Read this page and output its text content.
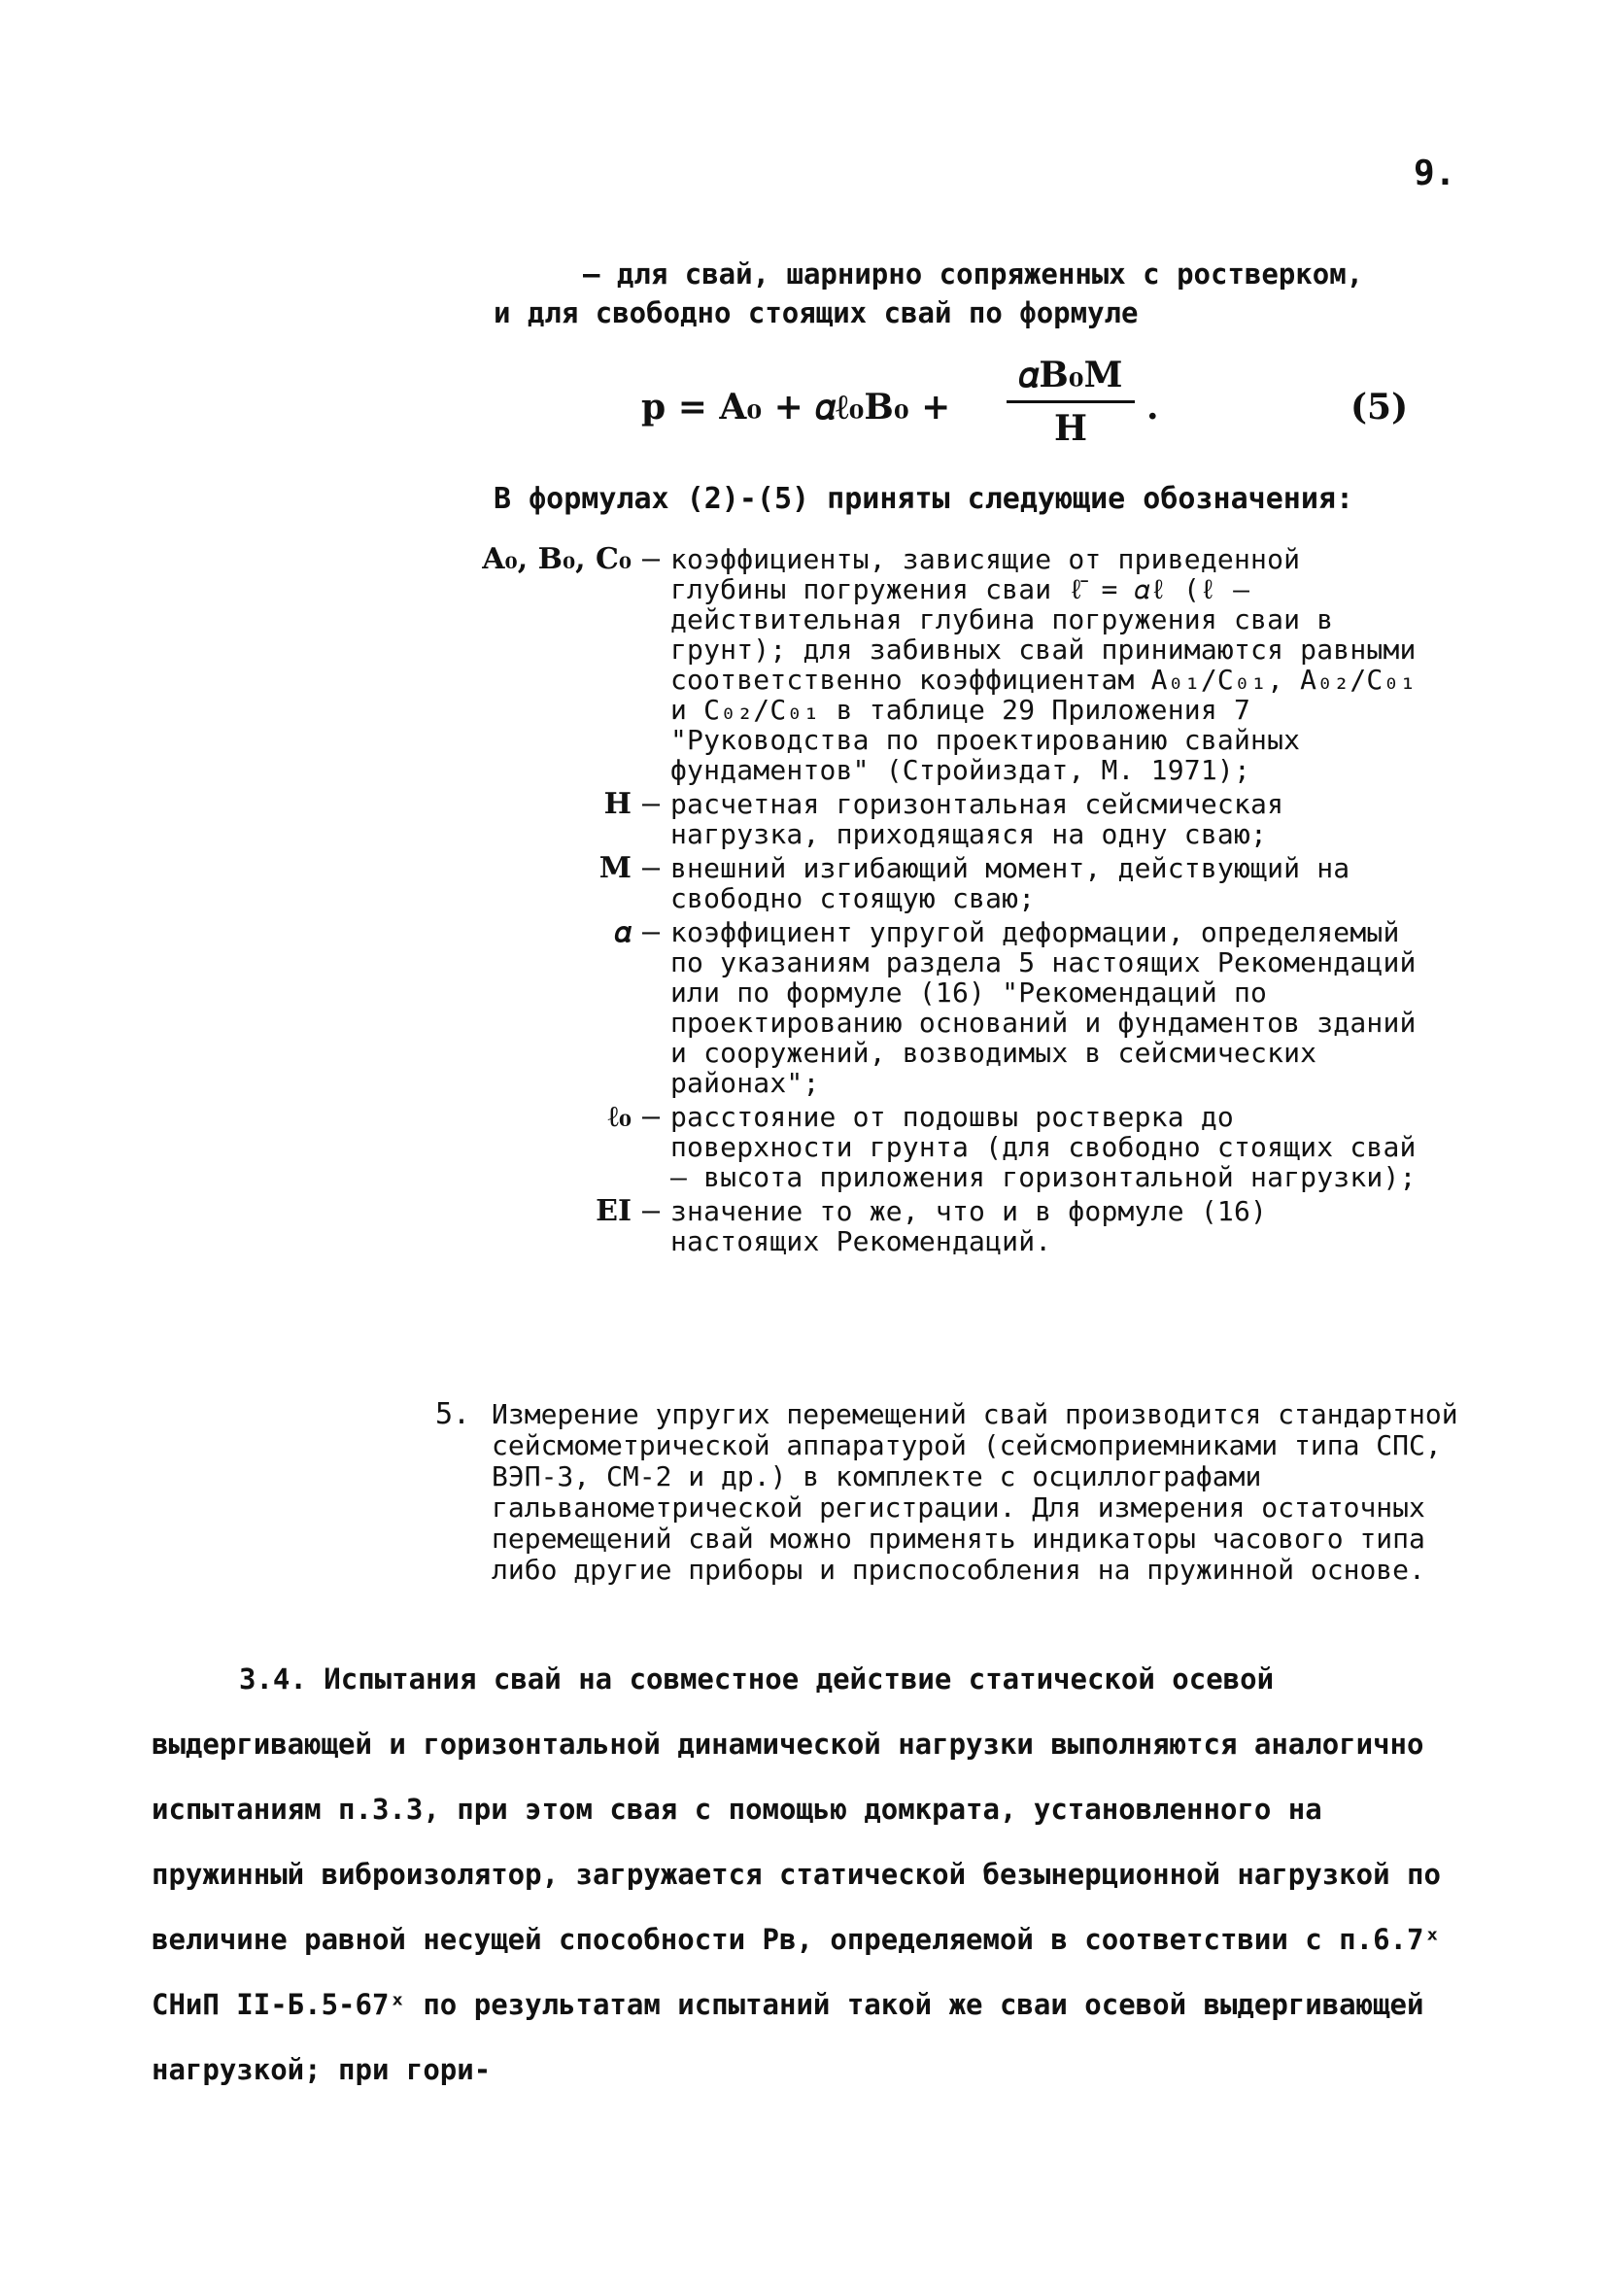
9.
– для свай, шарнирно сопряженных с ростверком,
и для свободно стоящих свай по формуле
p = A₀ + 𝛼ℓ₀B₀ +
𝛼B₀M
H
.	(5)
В формулах (2)-(5) приняты следующие обозначения:
A₀, B₀, C₀ – коэффициенты, зависящие от приведенной глубины погружения сваи ℓ̄ = 𝛼ℓ (ℓ – действительная глубина погружения сваи в грунт); для забивных свай принимаются равными соответственно коэффициентам A₀₁/C₀₁, A₀₂/C₀₁ и C₀₂/C₀₁ в таблице 29 Приложения 7 "Руководства по проектированию свайных фундаментов" (Стройиздат, М. 1971);
H – расчетная горизонтальная сейсмическая нагрузка, приходящаяся на одну сваю;
M – внешний изгибающий момент, действующий на свободно стоящую сваю;
𝛼 – коэффициент упругой деформации, определяемый по указаниям раздела 5 настоящих Рекомендаций или по формуле (16) "Рекомендаций по проектированию оснований и фундаментов зданий и сооружений, возводимых в сейсмических районах";
ℓ₀ – расстояние от подошвы ростверка до поверхности грунта (для свободно стоящих свай – высота приложения горизонтальной нагрузки);
EI – значение то же, что и в формуле (16) настоящих Рекомендаций.
5. Измерение упругих перемещений свай производится стандартной сейсмометрической аппаратурой (сейсмоприемниками типа СПС, ВЭП-3, СМ-2 и др.) в комплекте с осциллографами гальванометрической регистрации. Для измерения остаточных перемещений свай можно применять индикаторы часового типа либо другие приборы и приспособления на пружинной основе.
3.4. Испытания свай на совместное действие статической осевой выдергивающей и горизонтальной динамической нагрузки выполняются аналогично испытаниям п.3.3, при этом свая с помощью домкрата, установленного на пружинный виброизолятор, загружается статической безынерционной нагрузкой по величине равной несущей способности Pв, определяемой в соответствии с п.6.7ˣ СНиП II-Б.5-67ˣ по результатам испытаний такой же сваи осевой выдергивающей нагрузкой; при гори-
